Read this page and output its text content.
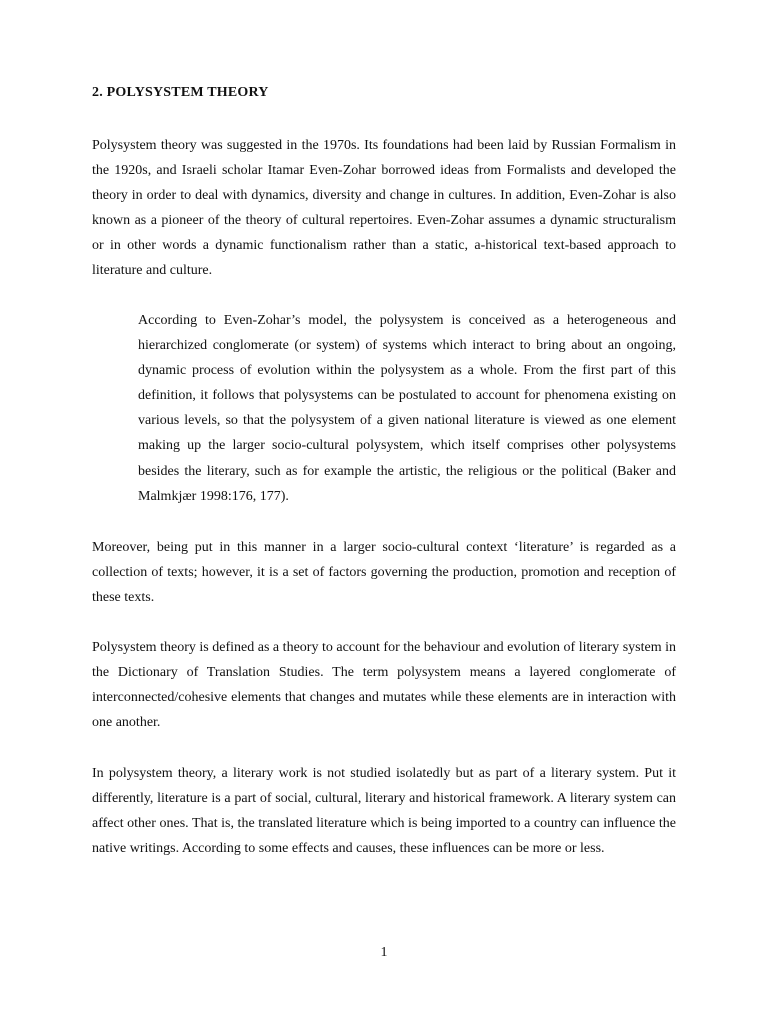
2. POLYSYSTEM THEORY

Polysystem theory was suggested in the 1970s. Its foundations had been laid by Russian Formalism in the 1920s, and Israeli scholar Itamar Even-Zohar borrowed ideas from Formalists and developed the theory in order to deal with dynamics, diversity and change in cultures. In addition, Even-Zohar is also known as a pioneer of the theory of cultural repertoires. Even-Zohar assumes a dynamic structuralism or in other words a dynamic functionalism rather than a static, a-historical text-based approach to literature and culture.

According to Even-Zohar’s model, the polysystem is conceived as a heterogeneous and hierarchized conglomerate (or system) of systems which interact to bring about an ongoing, dynamic process of evolution within the polysystem as a whole. From the first part of this definition, it follows that polysystems can be postulated to account for phenomena existing on various levels, so that the polysystem of a given national literature is viewed as one element making up the larger socio-cultural polysystem, which itself comprises other polysystems besides the literary, such as for example the artistic, the religious or the political (Baker and Malmkjær 1998:176, 177).

Moreover, being put in this manner in a larger socio-cultural context ‘literature’ is regarded as a collection of texts; however, it is a set of factors governing the production, promotion and reception of these texts.

Polysystem theory is defined as a theory to account for the behaviour and evolution of literary system in the Dictionary of Translation Studies. The term polysystem means a layered conglomerate of interconnected/cohesive elements that changes and mutates while these elements are in interaction with one another.

In polysystem theory, a literary work is not studied isolatedly but as part of a literary system. Put it differently, literature is a part of social, cultural, literary and historical framework. A literary system can affect other ones. That is, the translated literature which is being imported to a country can influence the native writings. According to some effects and causes, these influences can be more or less.

1
